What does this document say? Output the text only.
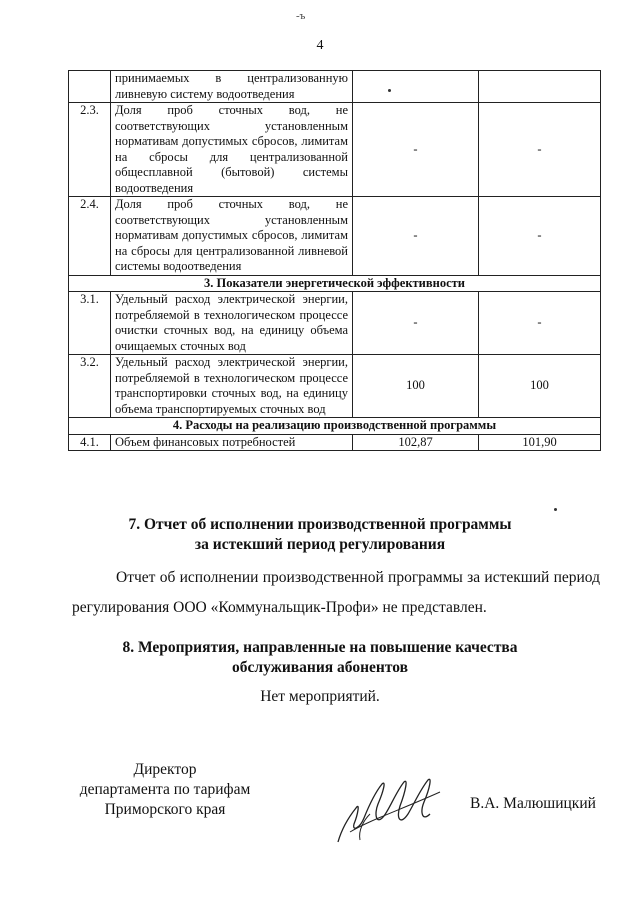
-ъ
4
	принимаемых в централизованную ливневую систему водоотведения		
2.3.	Доля проб сточных вод, не соответствующих установленным нормативам допустимых сбросов, лимитам на сбросы для централизованной общесплавной (бытовой) системы водоотведения	-	-
2.4.	Доля проб сточных вод, не соответствующих установленным нормативам допустимых сбросов, лимитам на сбросы для централизованной ливневой системы водоотведения	-	-
3. Показатели энергетической эффективности			
3.1.	Удельный расход электрической энергии, потребляемой в технологическом процессе очистки сточных вод, на единицу объема очищаемых сточных вод	-	-
3.2.	Удельный расход электрической энергии, потребляемой в технологическом процессе транспортировки сточных вод, на единицу объема транспортируемых сточных вод	100	100
4. Расходы на реализацию производственной программы			
4.1.	Объем финансовых потребностей	102,87	101,90
7. Отчет об исполнении производственной программы
за истекший период регулирования
Отчет об исполнении производственной программы за истекший период регулирования ООО «Коммунальщик-Профи» не представлен.
8. Мероприятия, направленные на повышение качества
обслуживания абонентов
Нет мероприятий.
Директор
департамента по тарифам
Приморского края	В.А. Малюшицкий
